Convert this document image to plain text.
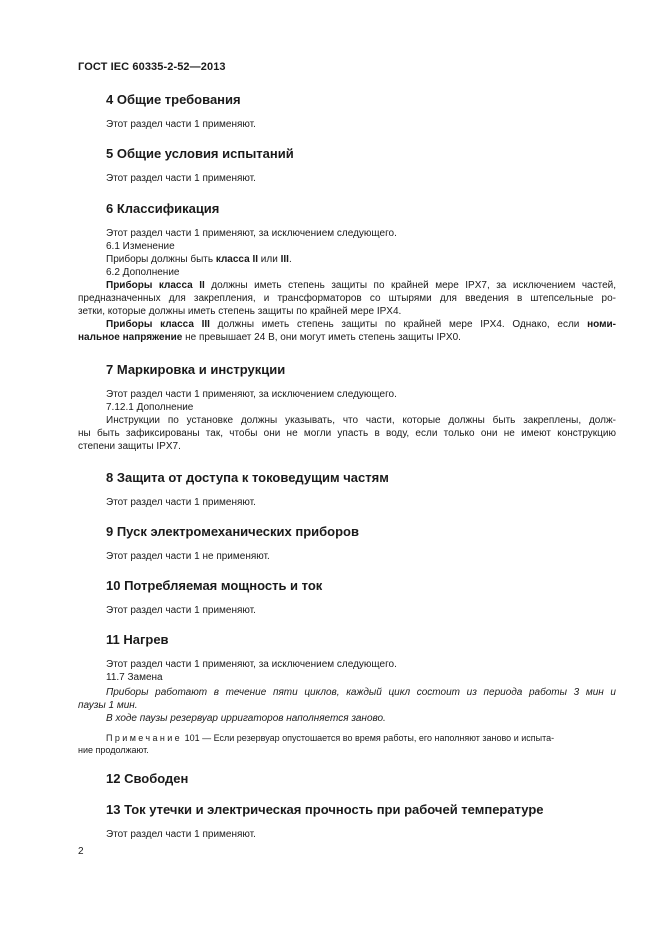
ГОСТ IEC 60335-2-52—2013
4 Общие требования
Этот раздел части 1 применяют.
5 Общие условия испытаний
Этот раздел части 1 применяют.
6 Классификация
Этот раздел части 1 применяют, за исключением следующего.
6.1 Изменение
Приборы должны быть класса II или III.
6.2 Дополнение

Приборы класса II должны иметь степень защиты по крайней мере IPX7, за исключением частей,

предназначенных для закрепления, и трансформаторов со штырями для введения в штепсельные ро-

зетки, которые должны иметь степень защиты по крайней мере IPX4.

Приборы класса III должны иметь степень защиты по крайней мере IPX4. Однако, если номи-

нальное напряжение не превышает 24 В, они могут иметь степень защиты IPX0.

7 Маркировка и инструкции
Этот раздел части 1 применяют, за исключением следующего.
7.12.1 Дополнение

Инструкции по установке должны указывать, что части, которые должны быть закреплены, долж-

ны быть зафиксированы так, чтобы они не могли упасть в воду, если только они не имеют конструкцию

степени защиты IPX7.

8 Защита от доступа к токоведущим частям
Этот раздел части 1 применяют.
9 Пуск электромеханических приборов
Этот раздел части 1 не применяют.
10 Потребляемая мощность и ток
Этот раздел части 1 применяют.
11 Нагрев
Этот раздел части 1 применяют, за исключением следующего.
11.7 Замена

Приборы работают в течение пяти циклов, каждый цикл состоит из периода работы 3 мин и

паузы 1 мин.

В ходе паузы резервуар ирригаторов наполняется заново.

Примечание 101 — Если резервуар опустошается во время работы, его наполняют заново и испыта-
ние продолжают.
12 Свободен
13 Ток утечки и электрическая прочность при рабочей температуре
Этот раздел части 1 применяют.
2
